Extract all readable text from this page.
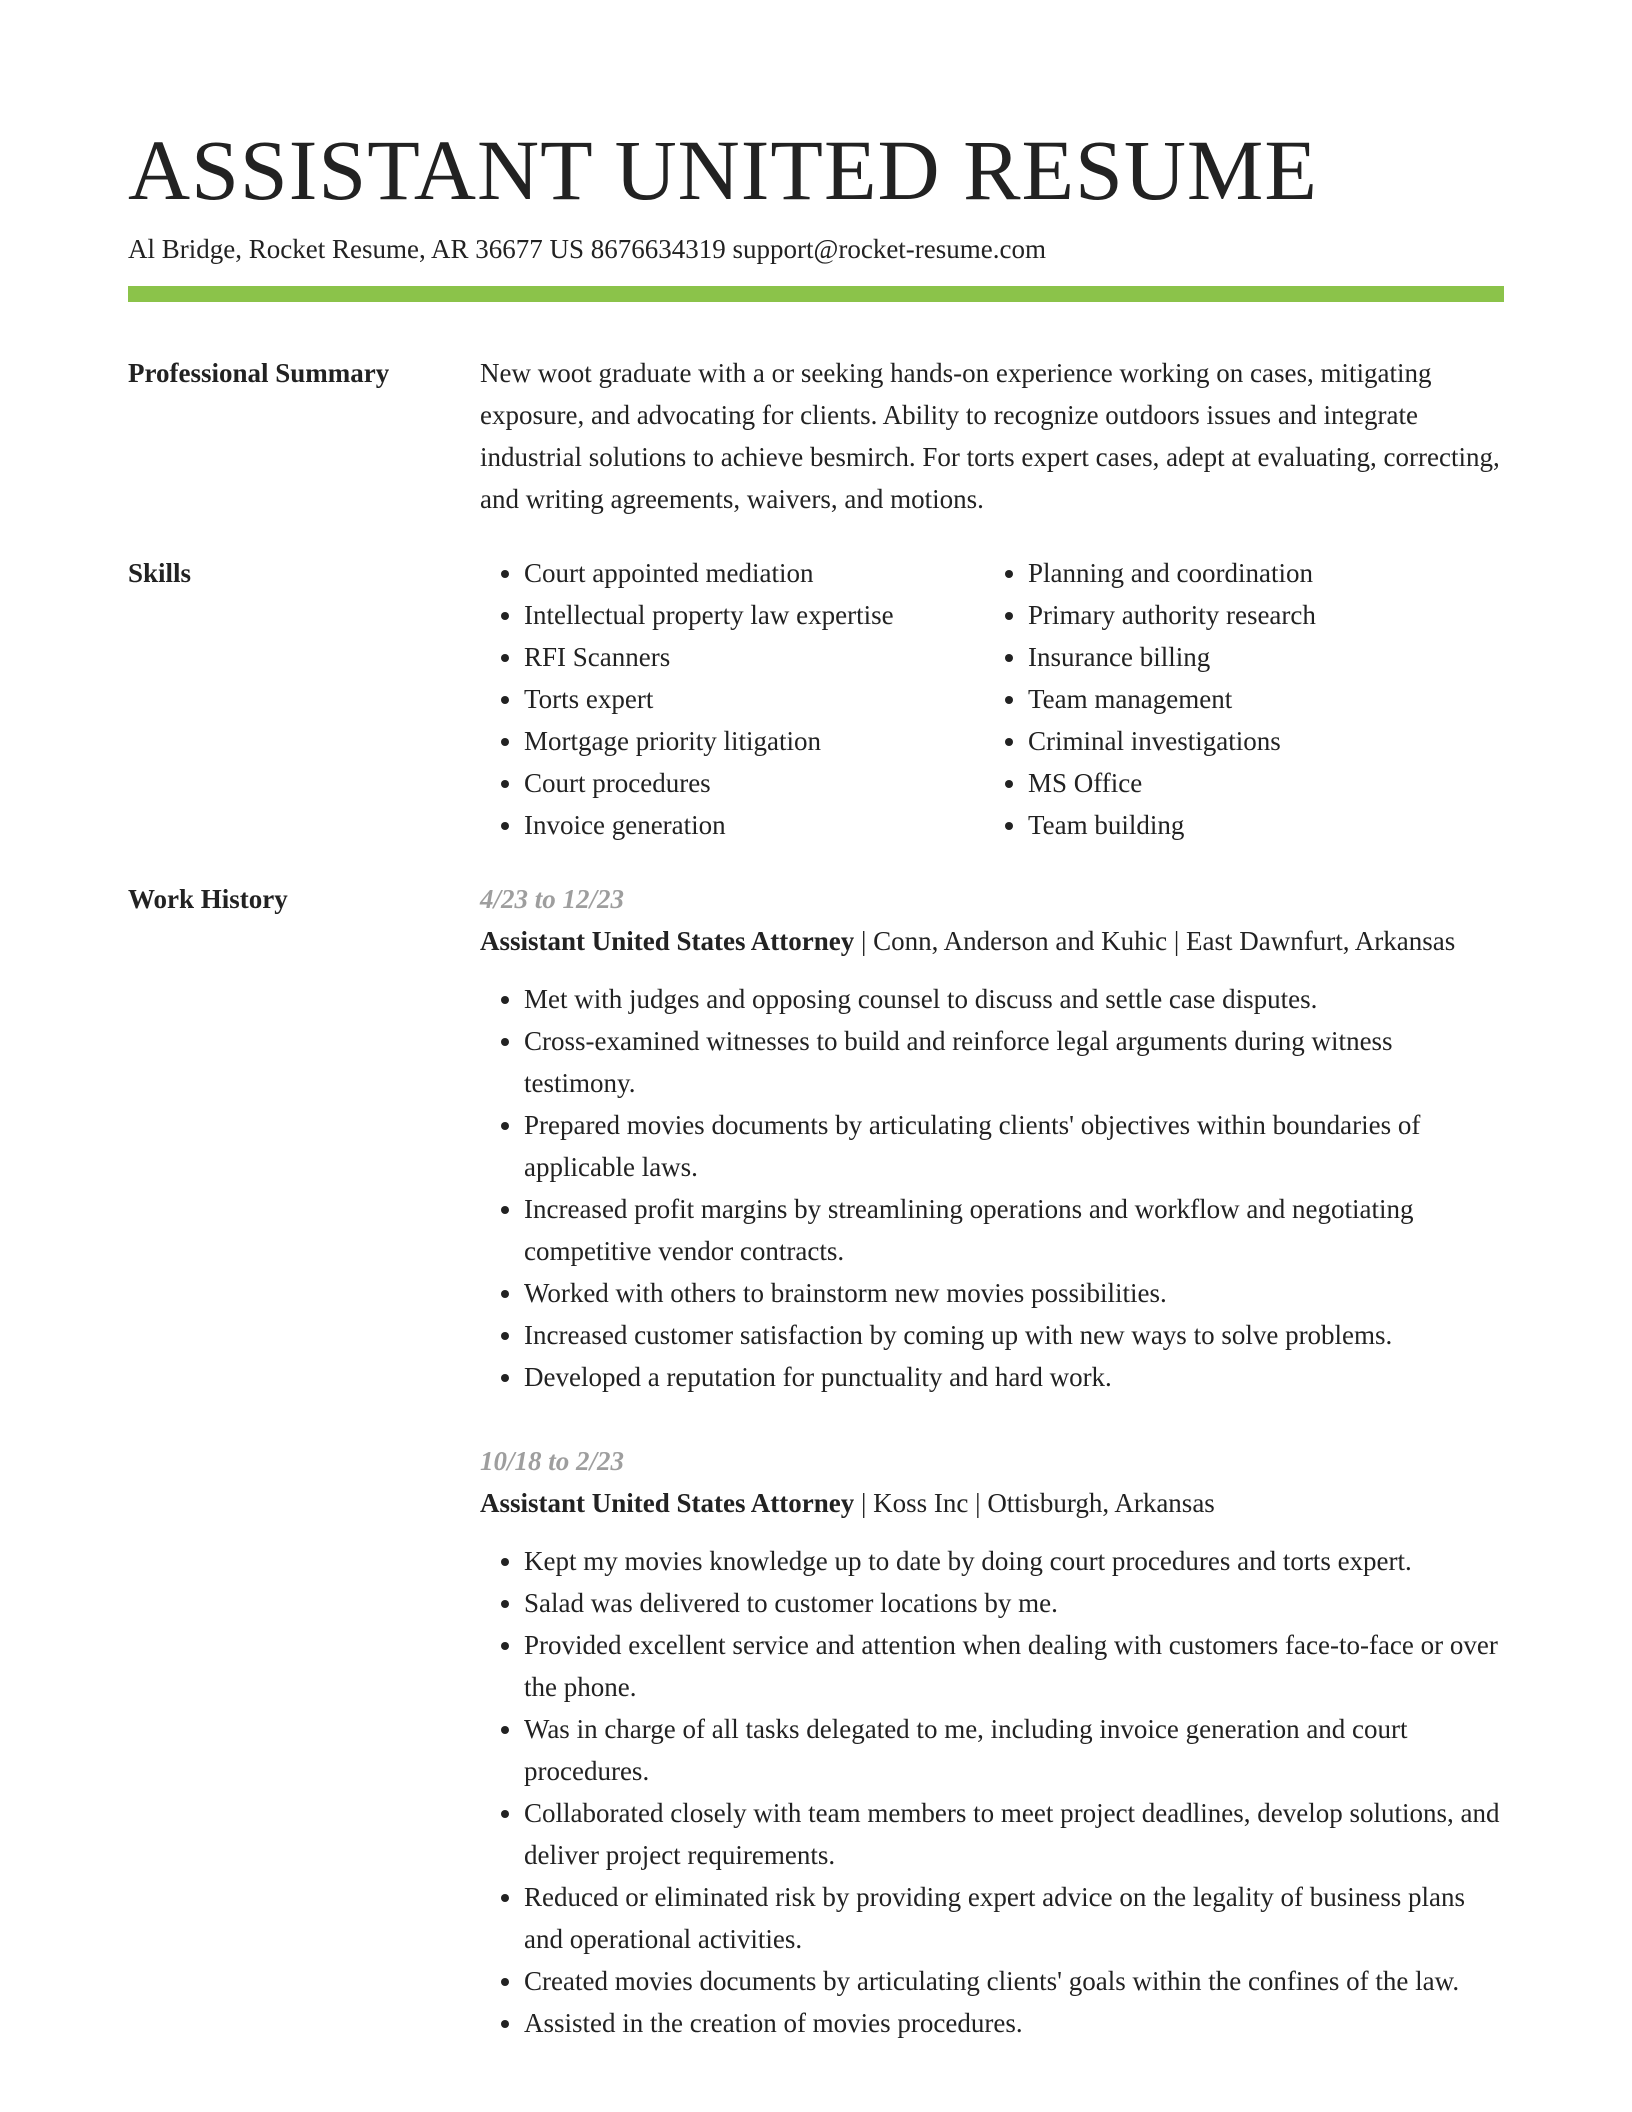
ASSISTANT UNITED RESUME
Al Bridge, Rocket Resume, AR 36677 US 8676634319 support@rocket-resume.com
Professional Summary	New woot graduate with a or seeking hands-on experience working on cases, mitigating exposure, and advocating for clients. Ability to recognize outdoors issues and integrate industrial solutions to achieve besmirch. For torts expert cases, adept at evaluating, correcting, and writing agreements, waivers, and motions.

Skills	• Court appointed mediation
• Intellectual property law expertise
• RFI Scanners
• Torts expert
• Mortgage priority litigation
• Court procedures
• Invoice generation
• Planning and coordination
• Primary authority research
• Insurance billing
• Team management
• Criminal investigations
• MS Office
• Team building
Work History	4/23 to 12/23
Assistant United States Attorney | Conn, Anderson and Kuhic | East Dawnfurt, Arkansas
• Met with judges and opposing counsel to discuss and settle case disputes.
• Cross-examined witnesses to build and reinforce legal arguments during witness testimony.
• Prepared movies documents by articulating clients' objectives within boundaries of applicable laws.
• Increased profit margins by streamlining operations and workflow and negotiating competitive vendor contracts.
• Worked with others to brainstorm new movies possibilities.
• Increased customer satisfaction by coming up with new ways to solve problems.
• Developed a reputation for punctuality and hard work.
10/18 to 2/23
Assistant United States Attorney | Koss Inc | Ottisburgh, Arkansas
• Kept my movies knowledge up to date by doing court procedures and torts expert.
• Salad was delivered to customer locations by me.
• Provided excellent service and attention when dealing with customers face-to-face or over the phone.
• Was in charge of all tasks delegated to me, including invoice generation and court procedures.
• Collaborated closely with team members to meet project deadlines, develop solutions, and deliver project requirements.
• Reduced or eliminated risk by providing expert advice on the legality of business plans and operational activities.
• Created movies documents by articulating clients' goals within the confines of the law.
• Assisted in the creation of movies procedures.
